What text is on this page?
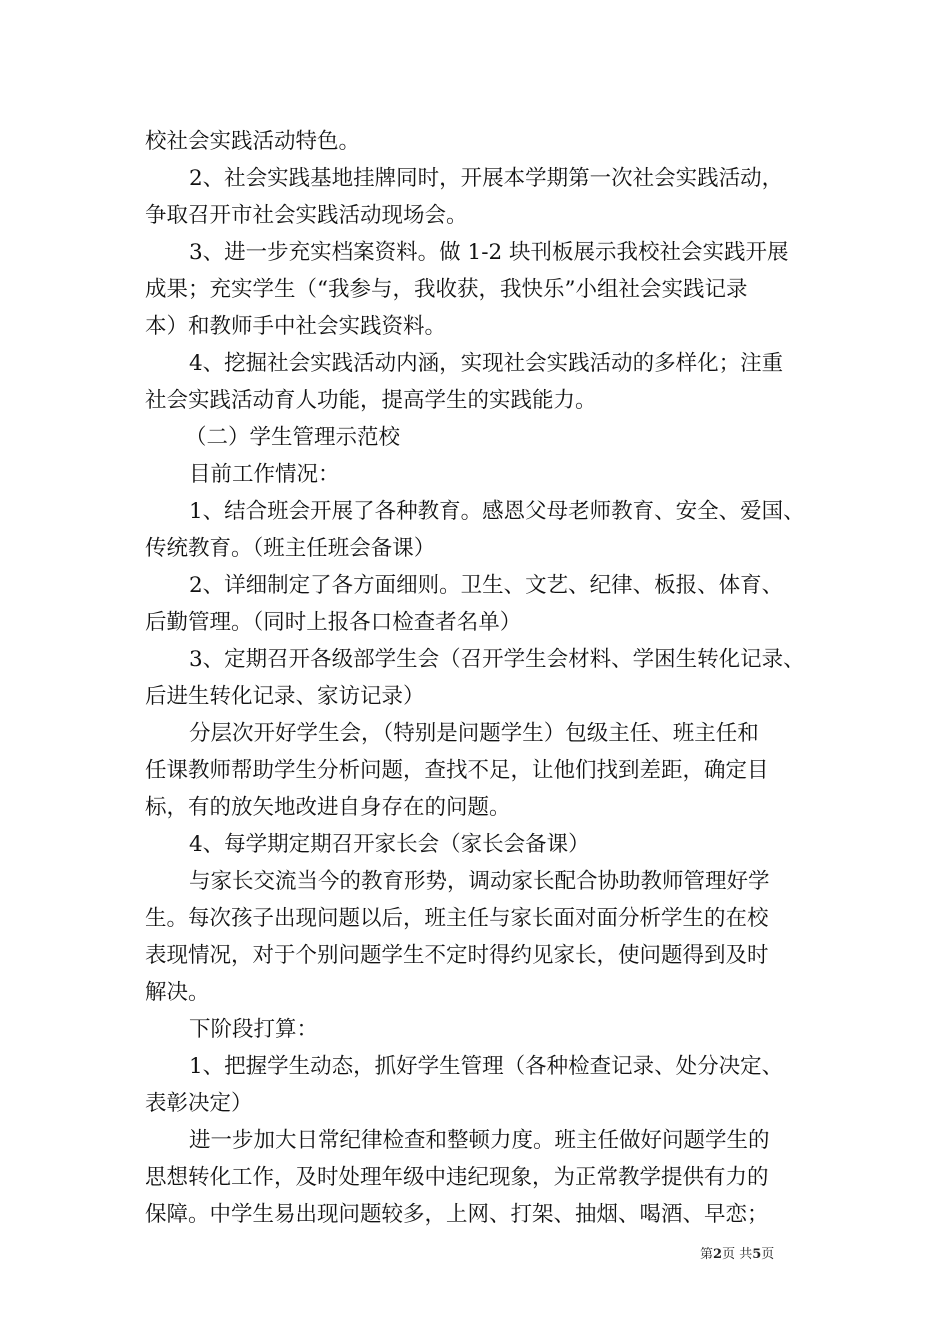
校社会实践活动特色。
2、社会实践基地挂牌同时，开展本学期第一次社会实践活动，
争取召开市社会实践活动现场会。
3、进一步充实档案资料。做 1-2 块刊板展示我校社会实践开展
成果；充实学生（“我参与，我收获，我快乐”小组社会实践记录
本）和教师手中社会实践资料。
4、挖掘社会实践活动内涵，实现社会实践活动的多样化；注重
社会实践活动育人功能，提高学生的实践能力。
（二）学生管理示范校
目前工作情况：
1、结合班会开展了各种教育。感恩父母老师教育、安全、爱国、
传统教育。（班主任班会备课）
2、详细制定了各方面细则。卫生、文艺、纪律、板报、体育、
后勤管理。（同时上报各口检查者名单）
3、定期召开各级部学生会（召开学生会材料、学困生转化记录、
后进生转化记录、家访记录）
分层次开好学生会，（特别是问题学生）包级主任、班主任和
任课教师帮助学生分析问题，查找不足，让他们找到差距，确定目
标，有的放矢地改进自身存在的问题。
4、每学期定期召开家长会（家长会备课）
与家长交流当今的教育形势，调动家长配合协助教师管理好学
生。每次孩子出现问题以后，班主任与家长面对面分析学生的在校
表现情况，对于个别问题学生不定时得约见家长，使问题得到及时
解决。
下阶段打算：
1、把握学生动态，抓好学生管理（各种检查记录、处分决定、
表彰决定）
进一步加大日常纪律检查和整顿力度。班主任做好问题学生的
思想转化工作，及时处理年级中违纪现象，为正常教学提供有力的
保障。中学生易出现问题较多，上网、打架、抽烟、喝酒、早恋；
第2页 共5页
